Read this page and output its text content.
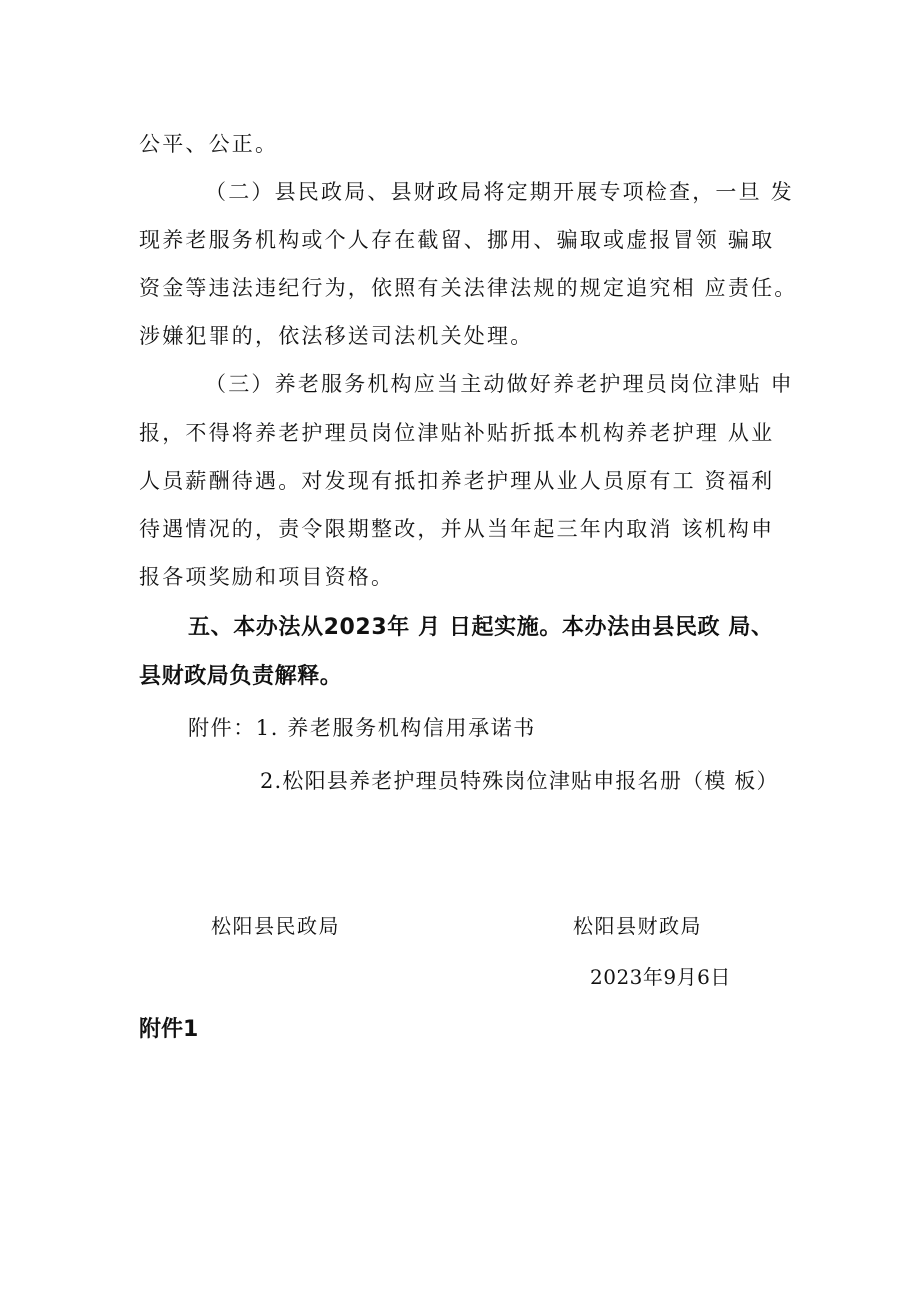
公平、公正。
（二）县民政局、县财政局将定期开展专项检查，一旦 发
现养老服务机构或个人存在截留、挪用、骗取或虚报冒领 骗取
资金等违法违纪行为，依照有关法律法规的规定追究相 应责任。
涉嫌犯罪的，依法移送司法机关处理。
（三）养老服务机构应当主动做好养老护理员岗位津贴 申
报，不得将养老护理员岗位津贴补贴折抵本机构养老护理 从业
人员薪酬待遇。对发现有抵扣养老护理从业人员原有工 资福利
待遇情况的，责令限期整改，并从当年起三年内取消 该机构申
报各项奖励和项目资格。
五、本办法从2023年 月 日起实施。本办法由县民政 局、
县财政局负责解释。
附件：1. 养老服务机构信用承诺书
2.松阳县养老护理员特殊岗位津贴申报名册（模 板）
松阳县民政局	松阳县财政局
2023年9月6日
附件1
